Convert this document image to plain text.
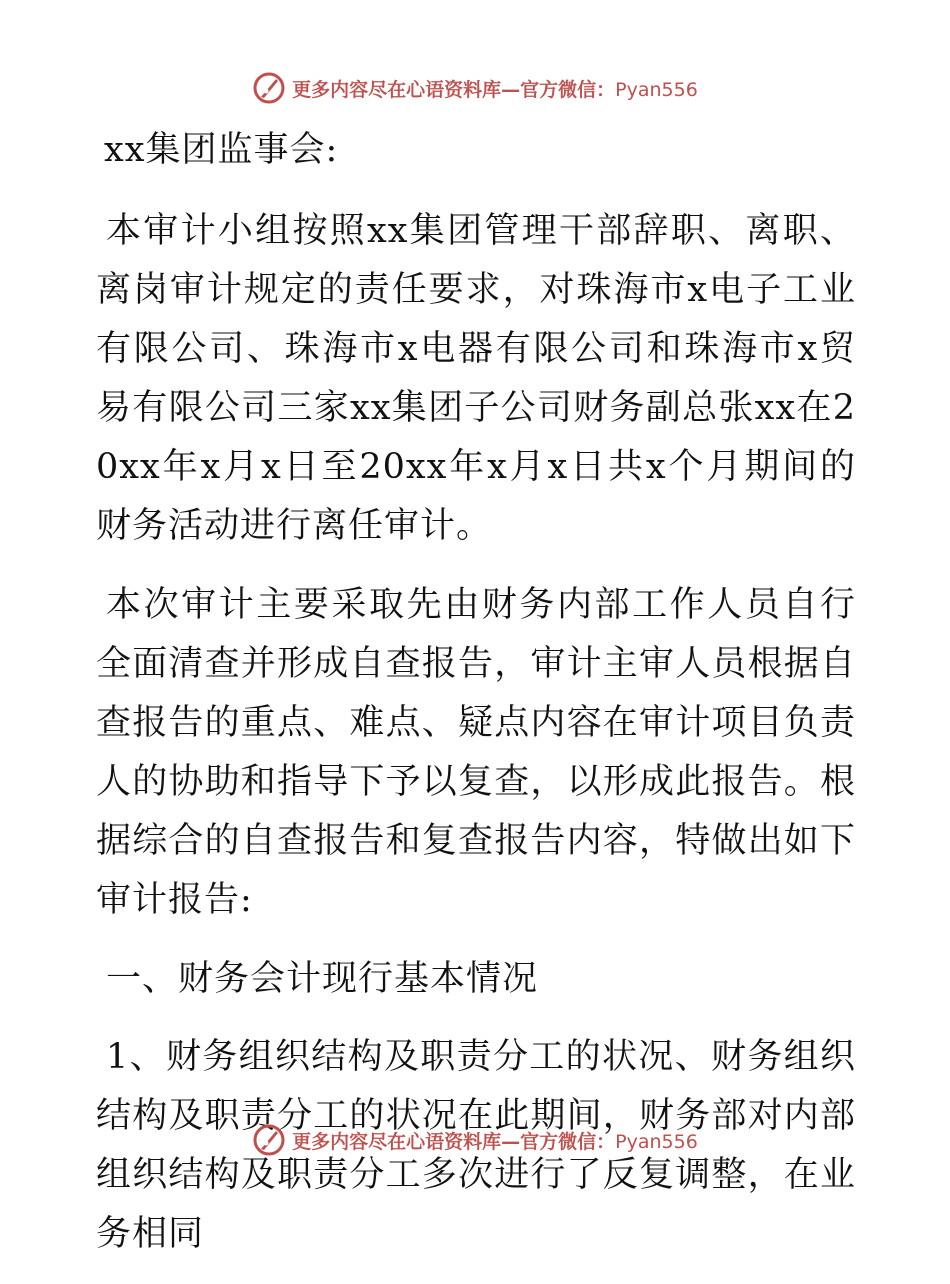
更多内容尽在心语资料库—官方微信：Pyan556

xx集团监事会:

本审计小组按照xx集团管理干部辞职、离职、离岗审计规定的责任要求，对珠海市x电子工业有限公司、珠海市x电器有限公司和珠海市x贸易有限公司三家xx集团子公司财务副总张xx在20xx年x月x日至20xx年x月x日共x个月期间的财务活动进行离任审计。

本次审计主要采取先由财务内部工作人员自行全面清查并形成自查报告，审计主审人员根据自查报告的重点、难点、疑点内容在审计项目负责人的协助和指导下予以复查，以形成此报告。根据综合的自查报告和复查报告内容，特做出如下审计报告:

一、财务会计现行基本情况

1、财务组织结构及职责分工的状况、财务组织结构及职责分工的状况在此期间，财务部对内部组织结构及职责分工多次进行了反复调整，在业务相同

更多内容尽在心语资料库—官方微信：Pyan556
